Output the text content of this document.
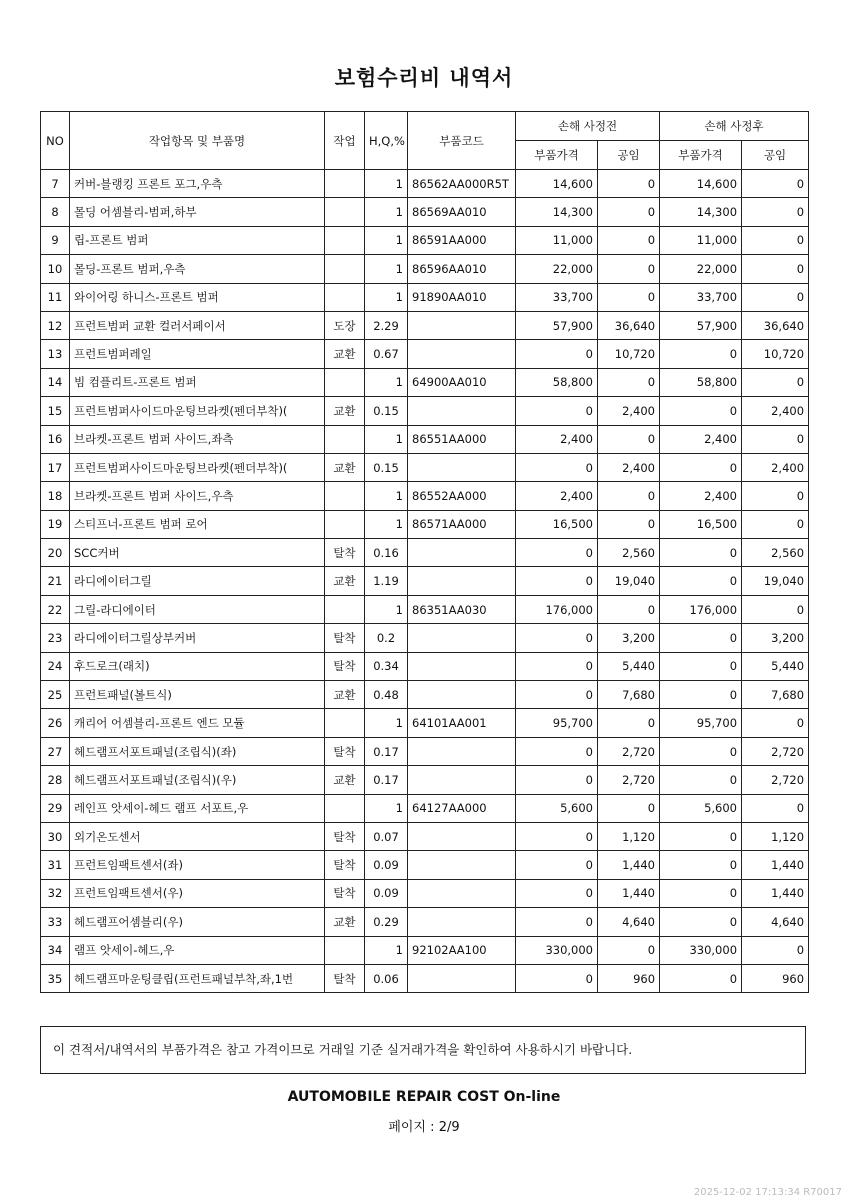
보험수리비 내역서
NO	작업항목 및 부품명	작업	H,Q,%	부품코드	손해 사정전		손해 사정후	
					부품가격	공임	부품가격	공임
7	커버-블랭킹 프론트 포그,우측		1	86562AA000R5T	14,600	0	14,600	0
8	몰딩 어셈블리-범퍼,하부		1	86569AA010	14,300	0	14,300	0
9	립-프론트 범퍼		1	86591AA000	11,000	0	11,000	0
10	몰딩-프론트 범퍼,우측		1	86596AA010	22,000	0	22,000	0
11	와이어링 하니스-프론트 범퍼		1	91890AA010	33,700	0	33,700	0
12	프런트범퍼 교환 컬러서페이서	도장	2.29		57,900	36,640	57,900	36,640
13	프런트범퍼레일	교환	0.67		0	10,720	0	10,720
14	빔 컴플리트-프론트 범퍼		1	64900AA010	58,800	0	58,800	0
15	프런트범퍼사이드마운팅브라켓(펜더부착)(	교환	0.15		0	2,400	0	2,400
16	브라켓-프론트 범퍼 사이드,좌측		1	86551AA000	2,400	0	2,400	0
17	프런트범퍼사이드마운팅브라켓(펜더부착)(	교환	0.15		0	2,400	0	2,400
18	브라켓-프론트 범퍼 사이드,우측		1	86552AA000	2,400	0	2,400	0
19	스티프너-프론트 범퍼 로어		1	86571AA000	16,500	0	16,500	0
20	SCC커버	탈착	0.16		0	2,560	0	2,560
21	라디에이터그릴	교환	1.19		0	19,040	0	19,040
22	그릴-라디에이터		1	86351AA030	176,000	0	176,000	0
23	라디에이터그릴상부커버	탈착	0.2		0	3,200	0	3,200
24	후드로크(래치)	탈착	0.34		0	5,440	0	5,440
25	프런트패널(볼트식)	교환	0.48		0	7,680	0	7,680
26	캐리어 어셈블리-프론트 엔드 모듈		1	64101AA001	95,700	0	95,700	0
27	헤드램프서포트패널(조립식)(좌)	탈착	0.17		0	2,720	0	2,720
28	헤드램프서포트패널(조립식)(우)	교환	0.17		0	2,720	0	2,720
29	레인프 앗세이-헤드 램프 서포트,우		1	64127AA000	5,600	0	5,600	0
30	외기온도센서	탈착	0.07		0	1,120	0	1,120
31	프런트임팩트센서(좌)	탈착	0.09		0	1,440	0	1,440
32	프런트임팩트센서(우)	탈착	0.09		0	1,440	0	1,440
33	헤드램프어셈블리(우)	교환	0.29		0	4,640	0	4,640
34	램프 앗세이-헤드,우		1	92102AA100	330,000	0	330,000	0
35	헤드램프마운팅클립(프런트패널부착,좌,1번	탈착	0.06		0	960	0	960
이 견적서/내역서의 부품가격은 참고 가격이므로 거래일 기준 실거래가격을 확인하여 사용하시기 바랍니다.
AUTOMOBILE REPAIR COST On-line
페이지 : 2/9
2025-12-02 17:13:34 R70017
